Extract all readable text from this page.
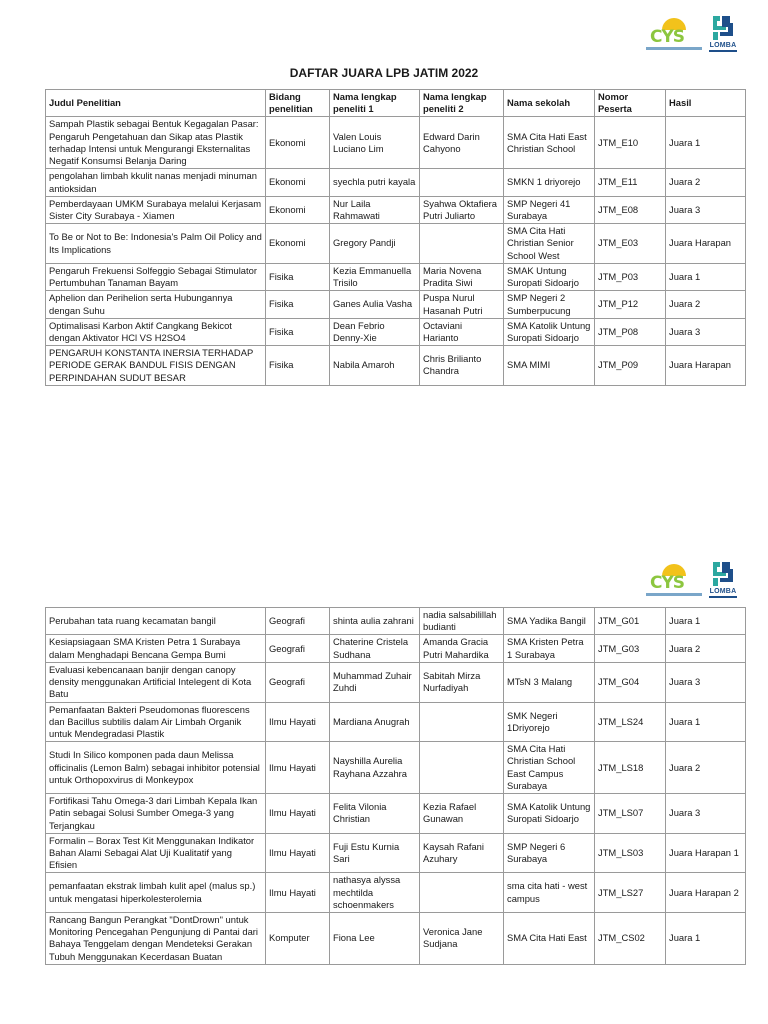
CYS	LOMBA
DAFTAR JUARA LPB JATIM 2022
Judul Penelitian	Bidang penelitian	Nama lengkap peneliti 1	Nama lengkap peneliti 2	Nama sekolah	Nomor Peserta	Hasil
Sampah Plastik sebagai Bentuk Kegagalan Pasar: Pengaruh Pengetahuan dan Sikap atas Plastik terhadap Intensi untuk Mengurangi Eksternalitas Negatif Konsumsi Belanja Daring	Ekonomi	Valen Louis Luciano Lim	Edward Darin Cahyono	SMA Cita Hati East Christian School	JTM_E10	Juara 1
pengolahan limbah kkulit nanas menjadi minuman antioksidan	Ekonomi	syechla putri kayala		SMKN 1 driyorejo	JTM_E11	Juara 2
Pemberdayaan UMKM Surabaya melalui Kerjasam Sister City Surabaya - Xiamen	Ekonomi	Nur Laila Rahmawati	Syahwa Oktafiera Putri Juliarto	SMP Negeri 41 Surabaya	JTM_E08	Juara 3
To Be or Not to Be: Indonesia's Palm Oil Policy and Its Implications	Ekonomi	Gregory Pandji		SMA Cita Hati Christian Senior School West	JTM_E03	Juara Harapan
Pengaruh Frekuensi Solfeggio Sebagai Stimulator Pertumbuhan Tanaman Bayam	Fisika	Kezia Emmanuella Trisilo	Maria Novena Pradita Siwi	SMAK Untung Suropati Sidoarjo	JTM_P03	Juara 1
Aphelion dan Perihelion serta Hubungannya dengan Suhu	Fisika	Ganes Aulia Vasha	Puspa Nurul Hasanah Putri	SMP Negeri 2 Sumberpucung	JTM_P12	Juara 2
Optimalisasi Karbon Aktif Cangkang Bekicot dengan Aktivator HCl VS H2SO4	Fisika	Dean Febrio Denny-Xie	Octaviani Harianto	SMA Katolik Untung Suropati Sidoarjo	JTM_P08	Juara 3
PENGARUH KONSTANTA INERSIA TERHADAP PERIODE GERAK BANDUL FISIS DENGAN PERPINDAHAN SUDUT BESAR	Fisika	Nabila Amaroh	Chris Brilianto Chandra	SMA MIMI	JTM_P09	Juara Harapan
CYS	LOMBA
Perubahan tata ruang kecamatan bangil	Geografi	shinta aulia zahrani	nadia salsabilillah budianti	SMA Yadika Bangil	JTM_G01	Juara 1
Kesiapsiagaan SMA Kristen Petra 1 Surabaya dalam Menghadapi Bencana Gempa Bumi	Geografi	Chaterine Cristela Sudhana	Amanda Gracia Putri Mahardika	SMA Kristen Petra 1 Surabaya	JTM_G03	Juara 2
Evaluasi kebencanaan banjir dengan canopy density menggunakan Artificial Intelegent di Kota Batu	Geografi	Muhammad Zuhair Zuhdi	Sabitah Mirza Nurfadiyah	MTsN 3 Malang	JTM_G04	Juara 3
Pemanfaatan Bakteri Pseudomonas fluorescens dan Bacillus subtilis dalam Air Limbah Organik untuk Mendegradasi Plastik	Ilmu Hayati	Mardiana Anugrah		SMK Negeri 1Driyorejo	JTM_LS24	Juara 1
Studi In Silico komponen pada daun Melissa officinalis (Lemon Balm) sebagai inhibitor potensial untuk Orthopoxvirus di Monkeypox	Ilmu Hayati	Nayshilla Aurelia Rayhana Azzahra		SMA Cita Hati Christian School East Campus Surabaya	JTM_LS18	Juara 2
Fortifikasi Tahu Omega-3 dari Limbah Kepala Ikan Patin sebagai Solusi Sumber Omega-3 yang Terjangkau	Ilmu Hayati	Felita Vilonia Christian	Kezia Rafael Gunawan	SMA Katolik Untung Suropati Sidoarjo	JTM_LS07	Juara 3
Formalin – Borax Test Kit Menggunakan Indikator Bahan Alami Sebagai Alat Uji Kualitatif yang Efisien	Ilmu Hayati	Fuji Estu Kurnia Sari	Kaysah Rafani Azuhary	SMP Negeri 6 Surabaya	JTM_LS03	Juara Harapan 1
pemanfaatan ekstrak limbah kulit apel (malus sp.) untuk mengatasi hiperkolesterolemia	Ilmu Hayati	nathasya alyssa mechtilda schoenmakers		sma cita hati - west campus	JTM_LS27	Juara Harapan 2
Rancang Bangun Perangkat "DontDrown" untuk Monitoring Pencegahan Pengunjung di Pantai dari Bahaya Tenggelam dengan Mendeteksi Gerakan Tubuh Menggunakan Kecerdasan Buatan	Komputer	Fiona Lee	Veronica Jane Sudjana	SMA Cita Hati East	JTM_CS02	Juara 1
